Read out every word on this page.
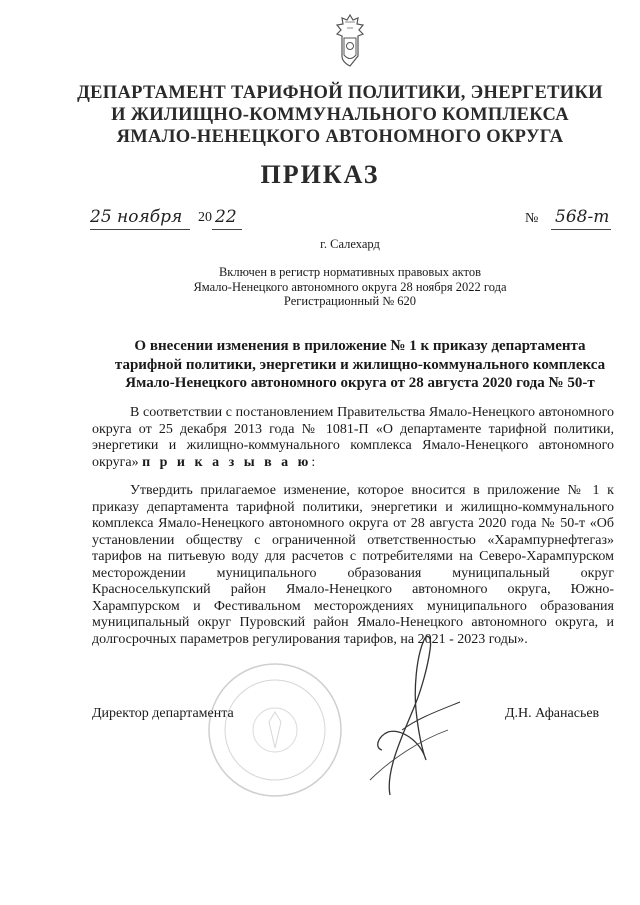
ДЕПАРТАМЕНТ ТАРИФНОЙ ПОЛИТИКИ, ЭНЕРГЕТИКИ
И ЖИЛИЩНО-КОММУНАЛЬНОГО КОМПЛЕКСА
ЯМАЛО-НЕНЕЦКОГО АВТОНОМНОГО ОКРУГА
ПРИКАЗ
25 ноября 20 22	№ 568-т
г. Салехард
Включен в регистр нормативных правовых актов
Ямало-Ненецкого автономного округа 28 ноября 2022 года
Регистрационный № 620
О внесении изменения в приложение № 1 к приказу департамента тарифной политики, энергетики и жилищно-коммунального комплекса Ямало-Ненецкого автономного округа от 28 августа 2020 года № 50-т
В соответствии с постановлением Правительства Ямало-Ненецкого автономного округа от 25 декабря 2013 года № 1081-П «О департаменте тарифной политики, энергетики и жилищно-коммунального комплекса Ямало-Ненецкого автономного округа» п р и к а з ы в а ю:
Утвердить прилагаемое изменение, которое вносится в приложение № 1 к приказу департамента тарифной политики, энергетики и жилищно-коммунального комплекса Ямало-Ненецкого автономного округа от 28 августа 2020 года № 50-т «Об установлении обществу с ограниченной ответственностью «Харампурнефтегаз» тарифов на питьевую воду для расчетов с потребителями на Северо-Харампурском месторождении муниципального образования муниципальный округ Красноселькупский район Ямало-Ненецкого автономного округа, Южно-Харампурском и Фестивальном месторождениях муниципального образования муниципальный округ Пуровский район Ямало-Ненецкого автономного округа, и долгосрочных параметров регулирования тарифов, на 2021 - 2023 годы».
Директор департамента	Д.Н. Афанасьев
